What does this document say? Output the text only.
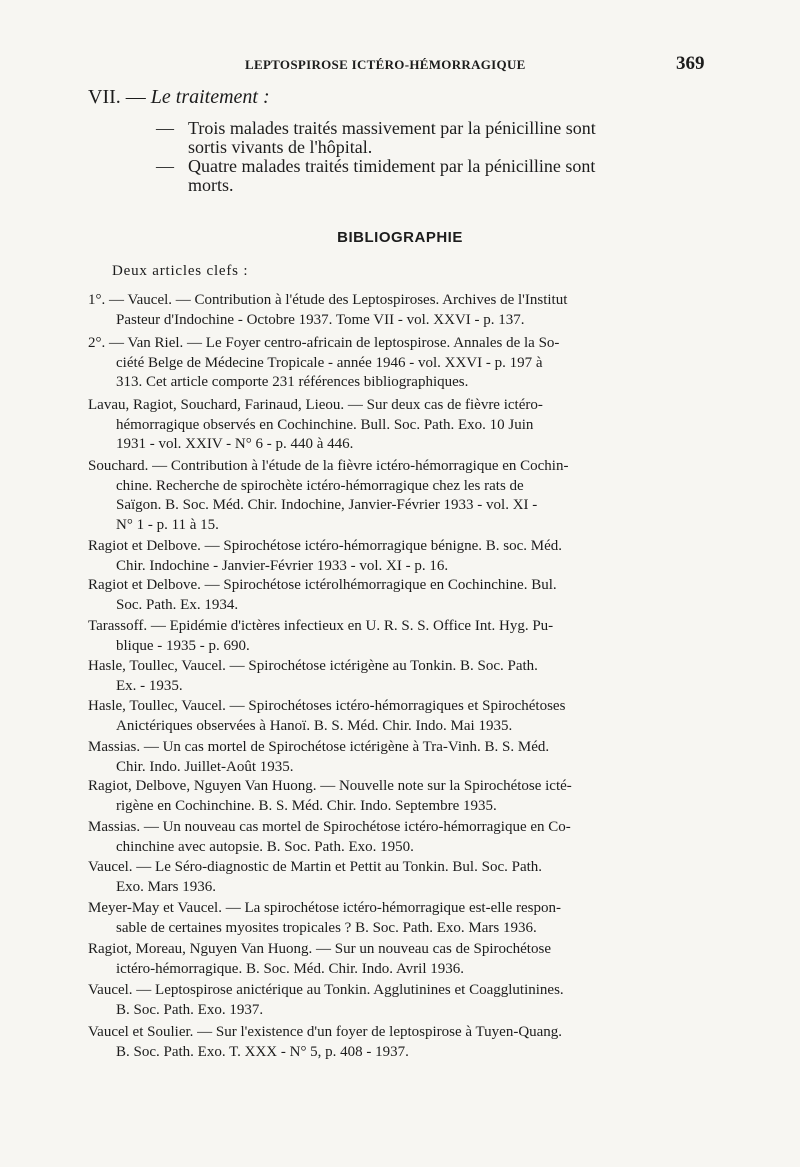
LEPTOSPIROSE ICTÉRO-HÉMORRAGIQUE	369
VII. — Le traitement :
— Trois malades traités massivement par la pénicilline sont
sortis vivants de l'hôpital.
— Quatre malades traités timidement par la pénicilline sont
morts.
BIBLIOGRAPHIE
Deux articles clefs :
1°. — Vaucel. — Contribution à l'étude des Leptospiroses. Archives de l'Institut
Pasteur d'Indochine - Octobre 1937. Tome VII - vol. XXVI - p. 137.
2°. — Van Riel. — Le Foyer centro-africain de leptospirose. Annales de la So-
ciété Belge de Médecine Tropicale - année 1946 - vol. XXVI - p. 197 à
313. Cet article comporte 231 références bibliographiques.
Lavau, Ragiot, Souchard, Farinaud, Lieou. — Sur deux cas de fièvre ictéro-
hémorragique observés en Cochinchine. Bull. Soc. Path. Exo. 10 Juin
1931 - vol. XXIV - N° 6 - p. 440 à 446.
Souchard. — Contribution à l'étude de la fièvre ictéro-hémorragique en Cochin-
chine. Recherche de spirochète ictéro-hémorragique chez les rats de
Saïgon. B. Soc. Méd. Chir. Indochine, Janvier-Février 1933 - vol. XI -
N° 1 - p. 11 à 15.
Ragiot et Delbove. — Spirochétose ictéro-hémorragique bénigne. B. soc. Méd.
Chir. Indochine - Janvier-Février 1933 - vol. XI - p. 16.
Ragiot et Delbove. — Spirochétose ictérolhémorragique en Cochinchine. Bul.
Soc. Path. Ex. 1934.
Tarassoff. — Epidémie d'ictères infectieux en U. R. S. S. Office Int. Hyg. Pu-
blique - 1935 - p. 690.
Hasle, Toullec, Vaucel. — Spirochétose ictérigène au Tonkin. B. Soc. Path.
Ex. - 1935.
Hasle, Toullec, Vaucel. — Spirochétoses ictéro-hémorragiques et Spirochétoses
Anictériques observées à Hanoï. B. S. Méd. Chir. Indo. Mai 1935.
Massias. — Un cas mortel de Spirochétose ictérigène à Tra-Vinh. B. S. Méd.
Chir. Indo. Juillet-Août 1935.
Ragiot, Delbove, Nguyen Van Huong. — Nouvelle note sur la Spirochétose icté-
rigène en Cochinchine. B. S. Méd. Chir. Indo. Septembre 1935.
Massias. — Un nouveau cas mortel de Spirochétose ictéro-hémorragique en Co-
chinchine avec autopsie. B. Soc. Path. Exo. 1950.
Vaucel. — Le Séro-diagnostic de Martin et Pettit au Tonkin. Bul. Soc. Path.
Exo. Mars 1936.
Meyer-May et Vaucel. — La spirochétose ictéro-hémorragique est-elle respon-
sable de certaines myosites tropicales ? B. Soc. Path. Exo. Mars 1936.
Ragiot, Moreau, Nguyen Van Huong. — Sur un nouveau cas de Spirochétose
ictéro-hémorragique. B. Soc. Méd. Chir. Indo. Avril 1936.
Vaucel. — Leptospirose anictérique au Tonkin. Agglutinines et Coagglutinines.
B. Soc. Path. Exo. 1937.
Vaucel et Soulier. — Sur l'existence d'un foyer de leptospirose à Tuyen-Quang.
B. Soc. Path. Exo. T. XXX - N° 5, p. 408 - 1937.
